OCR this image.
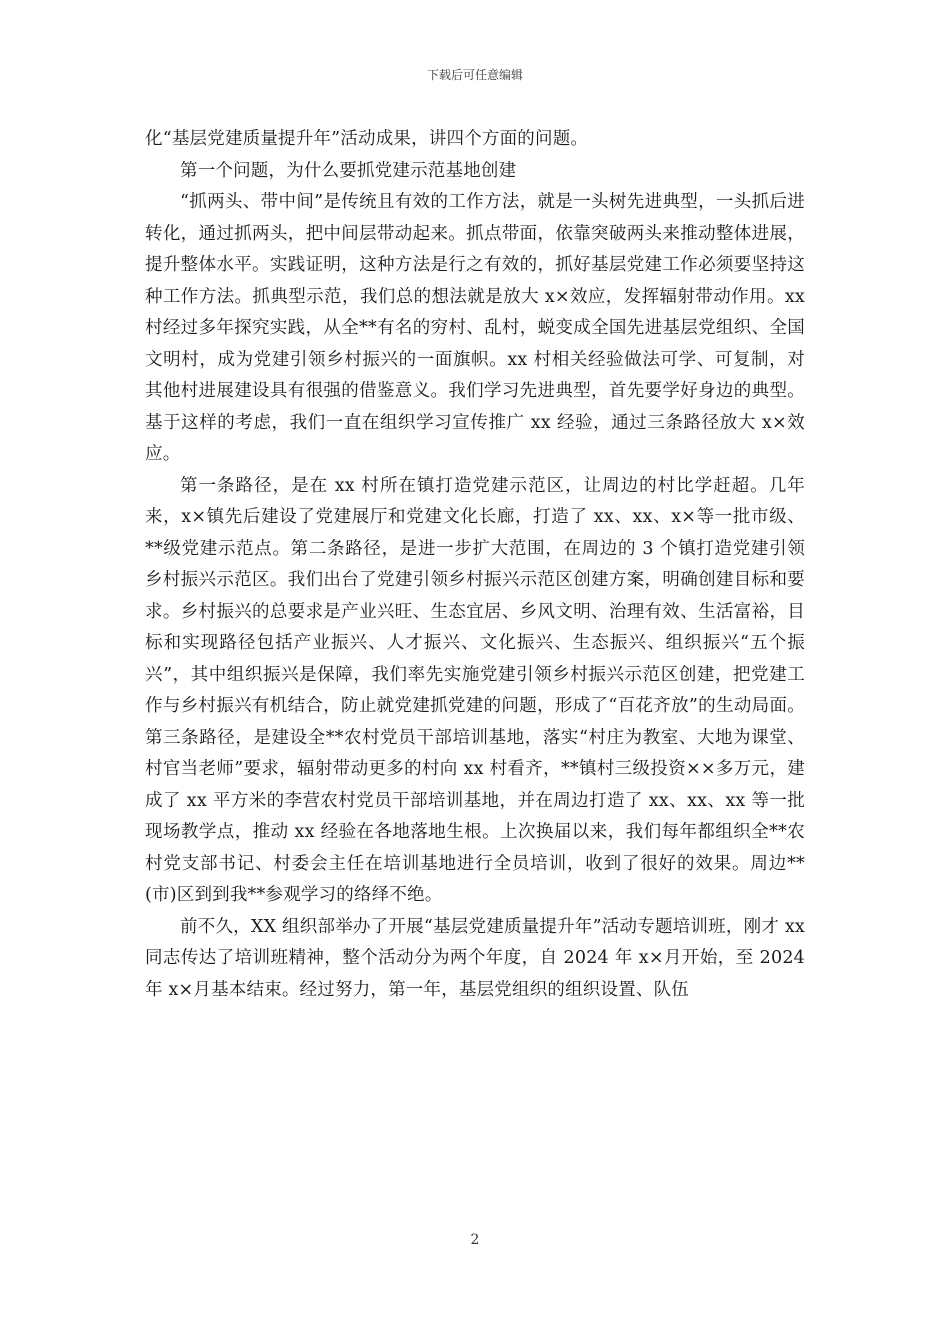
下载后可任意编辑

化“基层党建质量提升年”活动成果，讲四个方面的问题。

第一个问题，为什么要抓党建示范基地创建

“抓两头、带中间”是传统且有效的工作方法，就是一头树先进典型，一头抓后进转化，通过抓两头，把中间层带动起来。抓点带面，依靠突破两头来推动整体进展，提升整体水平。实践证明，这种方法是行之有效的，抓好基层党建工作必须要坚持这种工作方法。抓典型示范，我们总的想法就是放大 x×效应，发挥辐射带动作用。xx 村经过多年探究实践，从全**有名的穷村、乱村，蜕变成全国先进基层党组织、全国文明村，成为党建引领乡村振兴的一面旗帜。xx 村相关经验做法可学、可复制，对其他村进展建设具有很强的借鉴意义。我们学习先进典型，首先要学好身边的典型。基于这样的考虑，我们一直在组织学习宣传推广 xx 经验，通过三条路径放大 x×效应。

第一条路径，是在 xx 村所在镇打造党建示范区，让周边的村比学赶超。几年来，x×镇先后建设了党建展厅和党建文化长廊，打造了 xx、xx、x×等一批市级、**级党建示范点。第二条路径，是进一步扩大范围，在周边的 3 个镇打造党建引领乡村振兴示范区。我们出台了党建引领乡村振兴示范区创建方案，明确创建目标和要求。乡村振兴的总要求是产业兴旺、生态宜居、乡风文明、治理有效、生活富裕，目标和实现路径包括产业振兴、人才振兴、文化振兴、生态振兴、组织振兴“五个振兴”，其中组织振兴是保障，我们率先实施党建引领乡村振兴示范区创建，把党建工作与乡村振兴有机结合，防止就党建抓党建的问题，形成了“百花齐放”的生动局面。第三条路径，是建设全**农村党员干部培训基地，落实“村庄为教室、大地为课堂、村官当老师”要求，辐射带动更多的村向 xx 村看齐，**镇村三级投资××多万元，建成了 xx 平方米的李营农村党员干部培训基地，并在周边打造了 xx、xx、xx 等一批现场教学点，推动 xx 经验在各地落地生根。上次换届以来，我们每年都组织全**农村党支部书记、村委会主任在培训基地进行全员培训，收到了很好的效果。周边**(市)区到到我**参观学习的络绎不绝。

前不久，XX 组织部举办了开展“基层党建质量提升年”活动专题培训班，刚才 xx 同志传达了培训班精神，整个活动分为两个年度，自 2024 年 x×月开始，至 2024 年 x×月基本结束。经过努力，第一年，基层党组织的组织设置、队伍

2
